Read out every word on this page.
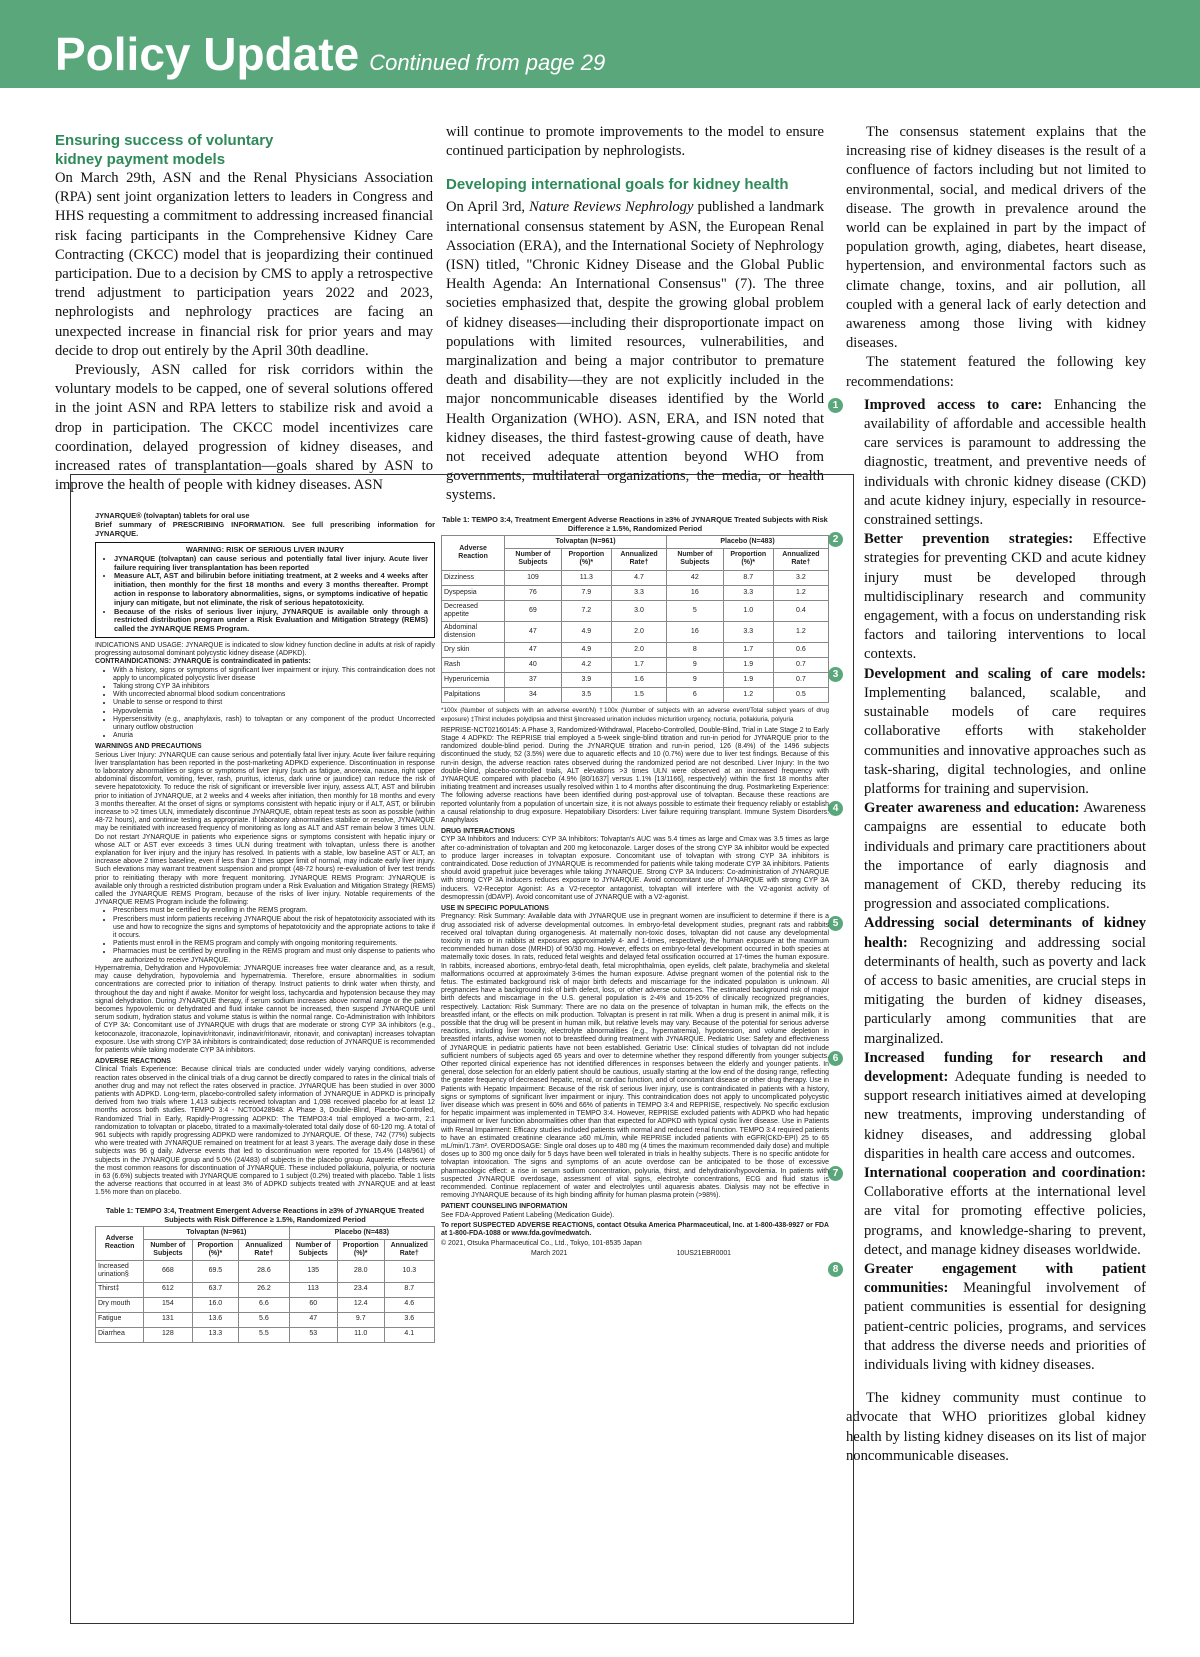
Policy Update Continued from page 29

Ensuring success of voluntary kidney payment models

On March 29th, ASN and the Renal Physicians Association (RPA) sent joint organization letters to leaders in Congress and HHS requesting a commitment to addressing increased financial risk facing participants in the Comprehensive Kidney Care Contracting (CKCC) model that is jeopardizing their continued participation. Due to a decision by CMS to apply a retrospective trend adjustment to participation years 2022 and 2023, nephrologists and nephrology practices are facing an unexpected increase in financial risk for prior years and may decide to drop out entirely by the April 30th deadline.

Previously, ASN called for risk corridors within the voluntary models to be capped, one of several solutions offered in the joint ASN and RPA letters to stabilize risk and avoid a drop in participation. The CKCC model incentivizes care coordination, delayed progression of kidney diseases, and increased rates of transplantation—goals shared by ASN to improve the health of people with kidney diseases. ASN

will continue to promote improvements to the model to ensure continued participation by nephrologists.

Developing international goals for kidney health

On April 3rd, Nature Reviews Nephrology published a landmark international consensus statement by ASN, the European Renal Association (ERA), and the International Society of Nephrology (ISN) titled, "Chronic Kidney Disease and the Global Public Health Agenda: An International Consensus" (7). The three societies emphasized that, despite the growing global problem of kidney diseases—including their disproportionate impact on populations with limited resources, vulnerabilities, and marginalization and being a major contributor to premature death and disability—they are not explicitly included in the major noncommunicable diseases identified by the World Health Organization (WHO). ASN, ERA, and ISN noted that kidney diseases, the third fastest-growing cause of death, have not received adequate attention beyond WHO from governments, multilateral organizations, the media, or health systems.

The consensus statement explains that the increasing rise of kidney diseases is the result of a confluence of factors including but not limited to environmental, social, and medical drivers of the disease. The growth in prevalence around the world can be explained in part by the impact of population growth, aging, diabetes, heart disease, hypertension, and environmental factors such as climate change, toxins, and air pollution, all coupled with a general lack of early detection and awareness among those living with kidney diseases.

The statement featured the following key recommendations:

1	Improved access to care: Enhancing the availability of affordable and accessible health care services is paramount to addressing the diagnostic, treatment, and preventive needs of individuals with chronic kidney disease (CKD) and acute kidney injury, especially in resource-constrained settings.

2	Better prevention strategies: Effective strategies for preventing CKD and acute kidney injury must be developed through multidisciplinary research and community engagement, with a focus on understanding risk factors and tailoring interventions to local contexts.

3	Development and scaling of care models: Implementing balanced, scalable, and sustainable models of care requires collaborative efforts with stakeholder communities and innovative approaches such as task-sharing, digital technologies, and online platforms for training and supervision.

4	Greater awareness and education: Awareness campaigns are essential to educate both individuals and primary care practitioners about the importance of early diagnosis and management of CKD, thereby reducing its progression and associated complications.

5	Addressing social determinants of kidney health: Recognizing and addressing social determinants of health, such as poverty and lack of access to basic amenities, are crucial steps in mitigating the burden of kidney diseases, particularly among communities that are marginalized.

6	Increased funding for research and development: Adequate funding is needed to support research initiatives aimed at developing new treatments, improving understanding of kidney diseases, and addressing global disparities in health care access and outcomes.

7	International cooperation and coordination: Collaborative efforts at the international level are vital for promoting effective policies, programs, and knowledge-sharing to prevent, detect, and manage kidney diseases worldwide.

8	Greater engagement with patient communities: Meaningful involvement of patient communities is essential for designing patient-centric policies, programs, and services that address the diverse needs and priorities of individuals living with kidney diseases.

The kidney community must continue to advocate that WHO prioritizes global kidney health by listing kidney diseases on its list of major noncommunicable diseases.

JYNARQUE® (tolvaptan) tablets for oral use
Brief summary of PRESCRIBING INFORMATION. See full prescribing information for JYNARQUE.
WARNING: RISK OF SERIOUS LIVER INJURY
• JYNARQUE (tolvaptan) can cause serious and potentially fatal liver injury. Acute liver failure requiring liver transplantation has been reported
• Measure ALT, AST and bilirubin before initiating treatment, at 2 weeks and 4 weeks after initiation, then monthly for the first 18 months and every 3 months thereafter. Prompt action in response to laboratory abnormalities, signs, or symptoms indicative of hepatic injury can mitigate, but not eliminate, the risk of serious hepatotoxicity.
• Because of the risks of serious liver injury, JYNARQUE is available only through a restricted distribution program under a Risk Evaluation and Mitigation Strategy (REMS) called the JYNARQUE REMS Program.
INDICATIONS AND USAGE: JYNARQUE is indicated to slow kidney function decline in adults at risk of rapidly progressing autosomal dominant polycystic kidney disease (ADPKD).
CONTRAINDICATIONS: JYNARQUE is contraindicated in patients:
• With a history, signs or symptoms of significant liver impairment or injury. This contraindication does not apply to uncomplicated polycystic liver disease
• Taking strong CYP 3A inhibitors
• With uncorrected abnormal blood sodium concentrations
• Unable to sense or respond to thirst
• Hypovolemia
• Hypersensitivity (e.g., anaphylaxis, rash) to tolvaptan or any component of the product Uncorrected urinary outflow obstruction
• Anuria
WARNINGS AND PRECAUTIONS
Serious Liver Injury: JYNARQUE can cause serious and potentially fatal liver injury. Acute liver failure requiring liver transplantation has been reported in the post-marketing ADPKD experience. Discontinuation in response to laboratory abnormalities or signs or symptoms of liver injury (such as fatigue, anorexia, nausea, right upper abdominal discomfort, vomiting, fever, rash, pruritus, icterus, dark urine or jaundice) can reduce the risk of severe hepatotoxicity. To reduce the risk of significant or irreversible liver injury, assess ALT, AST and bilirubin prior to initiation of JYNARQUE, at 2 weeks and 4 weeks after initiation, then monthly for 18 months and every 3 months thereafter. At the onset of signs or symptoms consistent with hepatic injury or if ALT, AST, or bilirubin increase to >2 times ULN, immediately discontinue JYNARQUE, obtain repeat tests as soon as possible (within 48-72 hours), and continue testing as appropriate. If laboratory abnormalities stabilize or resolve, JYNARQUE may be reinitiated with increased frequency of monitoring as long as ALT and AST remain below 3 times ULN. Do not restart JYNARQUE in patients who experience signs or symptoms consistent with hepatic injury or whose ALT or AST ever exceeds 3 times ULN during treatment with tolvaptan, unless there is another explanation for liver injury and the injury has resolved. In patients with a stable, low baseline AST or ALT, an increase above 2 times baseline, even if less than 2 times upper limit of normal, may indicate early liver injury. Such elevations may warrant treatment suspension and prompt (48-72 hours) re-evaluation of liver test trends prior to reinitiating therapy with more frequent monitoring. JYNARQUE REMS Program: JYNARQUE is available only through a restricted distribution program under a Risk Evaluation and Mitigation Strategy (REMS) called the JYNARQUE REMS Program, because of the risks of liver injury. Notable requirements of the JYNARQUE REMS Program include the following:
• Prescribers must be certified by enrolling in the REMS program.
• Prescribers must inform patients receiving JYNARQUE about the risk of hepatotoxicity associated with its use and how to recognize the signs and symptoms of hepatotoxicity and the appropriate actions to take if it occurs.
• Patients must enroll in the REMS program and comply with ongoing monitoring requirements.
• Pharmacies must be certified by enrolling in the REMS program and must only dispense to patients who are authorized to receive JYNARQUE.
Hypernatremia, Dehydration and Hypovolemia: JYNARQUE increases free water clearance and, as a result, may cause dehydration, hypovolemia and hypernatremia. Therefore, ensure abnormalities in sodium concentrations are corrected prior to initiation of therapy. Instruct patients to drink water when thirsty, and throughout the day and night if awake. Monitor for weight loss, tachycardia and hypotension because they may signal dehydration. During JYNARQUE therapy, if serum sodium increases above normal range or the patient becomes hypovolemic or dehydrated and fluid intake cannot be increased, then suspend JYNARQUE until serum sodium, hydration status and volume status is within the normal range. Co-Administration with Inhibitors of CYP 3A: Concomitant use of JYNARQUE with drugs that are moderate or strong CYP 3A inhibitors (e.g., ketoconazole, itraconazole, lopinavir/ritonavir, indinavir/ritonavir, ritonavir, and conivaptan) increases tolvaptan exposure. Use with strong CYP 3A inhibitors is contraindicated; dose reduction of JYNARQUE is recommended for patients while taking moderate CYP 3A inhibitors.
ADVERSE REACTIONS
Clinical Trials Experience: Because clinical trials are conducted under widely varying conditions, adverse reaction rates observed in the clinical trials of a drug cannot be directly compared to rates in the clinical trials of another drug and may not reflect the rates observed in practice. JYNARQUE has been studied in over 3000 patients with ADPKD. Long-term, placebo-controlled safety information of JYNARQUE in ADPKD is principally derived from two trials where 1,413 subjects received tolvaptan and 1,098 received placebo for at least 12 months across both studies. TEMPO 3:4 - NCT00428948: A Phase 3, Double-Blind, Placebo-Controlled, Randomized Trial in Early, Rapidly-Progressing ADPKD: The TEMPO3:4 trial employed a two-arm, 2:1 randomization to tolvaptan or placebo, titrated to a maximally-tolerated total daily dose of 60-120 mg. A total of 961 subjects with rapidly progressing ADPKD were randomized to JYNARQUE. Of these, 742 (77%) subjects who were treated with JYNARQUE remained on treatment for at least 3 years. The average daily dose in these subjects was 96 g daily. Adverse events that led to discontinuation were reported for 15.4% (148/961) of subjects in the JYNARQUE group and 5.0% (24/483) of subjects in the placebo group. Aquaretic effects were the most common reasons for discontinuation of JYNARQUE. These included pollakiuria, polyuria, or nocturia in 63 (6.6%) subjects treated with JYNARQUE compared to 1 subject (0.2%) treated with placebo. Table 1 lists the adverse reactions that occurred in at least 3% of ADPKD subjects treated with JYNARQUE and at least 1.5% more than on placebo.
Table 1: TEMPO 3:4, Treatment Emergent Adverse Reactions in ≥3% of JYNARQUE Treated Subjects with Risk Difference ≥ 1.5%, Randomized Period
Adverse Reaction	Tolvaptan (N=961)			Placebo (N=483)		
	Number of Subjects	Proportion (%)*	Annualized Rate†	Number of Subjects	Proportion (%)*	Annualized Rate†
Increased urination§	668	69.5	28.6	135	28.0	10.3
Thirst‡	612	63.7	26.2	113	23.4	8.7
Dry mouth	154	16.0	6.6	60	12.4	4.6
Fatigue	131	13.6	5.6	47	9.7	3.6
Diarrhea	128	13.3	5.5	53	11.0	4.1
Table 1: TEMPO 3:4, Treatment Emergent Adverse Reactions in ≥3% of JYNARQUE Treated Subjects with Risk Difference ≥ 1.5%, Randomized Period
Adverse Reaction	Tolvaptan (N=961)			Placebo (N=483)		
	Number of Subjects	Proportion (%)*	Annualized Rate†	Number of Subjects	Proportion (%)*	Annualized Rate†
Dizziness	109	11.3	4.7	42	8.7	3.2
Dyspepsia	76	7.9	3.3	16	3.3	1.2
Decreased appetite	69	7.2	3.0	5	1.0	0.4
Abdominal distension	47	4.9	2.0	16	3.3	1.2
Dry skin	47	4.9	2.0	8	1.7	0.6
Rash	40	4.2	1.7	9	1.9	0.7
Hyperuricemia	37	3.9	1.6	9	1.9	0.7
Palpitations	34	3.5	1.5	6	1.2	0.5
*100x (Number of subjects with an adverse event/N) †100x (Number of subjects with an adverse event/Total subject years of drug exposure) ‡Thirst includes polydipsia and thirst §Increased urination includes micturition urgency, nocturia, pollakiuria, polyuria
REPRISE-NCT02160145: A Phase 3, Randomized-Withdrawal, Placebo-Controlled, Double-Blind, Trial in Late Stage 2 to Early Stage 4 ADPKD: The REPRISE trial employed a 5-week single-blind titration and run-in period for JYNARQUE prior to the randomized double-blind period. During the JYNARQUE titration and run-in period, 126 (8.4%) of the 1496 subjects discontinued the study, 52 (3.5%) were due to aquaretic effects and 10 (0.7%) were due to liver test findings. Because of this run-in design, the adverse reaction rates observed during the randomized period are not described. Liver Injury: In the two double-blind, placebo-controlled trials, ALT elevations >3 times ULN were observed at an increased frequency with JYNARQUE compared with placebo (4.9% [80/1637] versus 1.1% [13/1166], respectively) within the first 18 months after initiating treatment and increases usually resolved within 1 to 4 months after discontinuing the drug. Postmarketing Experience: The following adverse reactions have been identified during post-approval use of tolvaptan. Because these reactions are reported voluntarily from a population of uncertain size, it is not always possible to estimate their frequency reliably or establish a causal relationship to drug exposure. Hepatobiliary Disorders: Liver failure requiring transplant. Immune System Disorders: Anaphylaxis
DRUG INTERACTIONS
CYP 3A Inhibitors and Inducers: CYP 3A Inhibitors: Tolvaptan's AUC was 5.4 times as large and Cmax was 3.5 times as large after co-administration of tolvaptan and 200 mg ketoconazole. Larger doses of the strong CYP 3A inhibitor would be expected to produce larger increases in tolvaptan exposure. Concomitant use of tolvaptan with strong CYP 3A inhibitors is contraindicated. Dose reduction of JYNARQUE is recommended for patients while taking moderate CYP 3A inhibitors. Patients should avoid grapefruit juice beverages while taking JYNARQUE. Strong CYP 3A Inducers: Co-administration of JYNARQUE with strong CYP 3A inducers reduces exposure to JYNARQUE. Avoid concomitant use of JYNARQUE with strong CYP 3A inducers. V2-Receptor Agonist: As a V2-receptor antagonist, tolvaptan will interfere with the V2-agonist activity of desmopressin (dDAVP). Avoid concomitant use of JYNARQUE with a V2-agonist.
USE IN SPECIFIC POPULATIONS
Pregnancy: Risk Summary: Available data with JYNARQUE use in pregnant women are insufficient to determine if there is a drug associated risk of adverse developmental outcomes. In embryo-fetal development studies, pregnant rats and rabbits received oral tolvaptan during organogenesis. At maternally non-toxic doses, tolvaptan did not cause any developmental toxicity in rats or in rabbits at exposures approximately 4- and 1-times, respectively, the human exposure at the maximum recommended human dose (MRHD) of 90/30 mg. However, effects on embryo-fetal development occurred in both species at maternally toxic doses. In rats, reduced fetal weights and delayed fetal ossification occurred at 17-times the human exposure. In rabbits, increased abortions, embryo-fetal death, fetal microphthalmia, open eyelids, cleft palate, brachymelia and skeletal malformations occurred at approximately 3-times the human exposure. Advise pregnant women of the potential risk to the fetus. The estimated background risk of major birth defects and miscarriage for the indicated population is unknown. All pregnancies have a background risk of birth defect, loss, or other adverse outcomes. The estimated background risk of major birth defects and miscarriage in the U.S. general population is 2-4% and 15-20% of clinically recognized pregnancies, respectively. Lactation: Risk Summary: There are no data on the presence of tolvaptan in human milk, the effects on the breastfed infant, or the effects on milk production. Tolvaptan is present in rat milk. When a drug is present in animal milk, it is possible that the drug will be present in human milk, but relative levels may vary. Because of the potential for serious adverse reactions, including liver toxicity, electrolyte abnormalities (e.g., hypernatremia), hypotension, and volume depletion in breastfed infants, advise women not to breastfeed during treatment with JYNARQUE. Pediatric Use: Safety and effectiveness of JYNARQUE in pediatric patients have not been established. Geriatric Use: Clinical studies of tolvaptan did not include sufficient numbers of subjects aged 65 years and over to determine whether they respond differently from younger subjects. Other reported clinical experience has not identified differences in responses between the elderly and younger patients. In general, dose selection for an elderly patient should be cautious, usually starting at the low end of the dosing range, reflecting the greater frequency of decreased hepatic, renal, or cardiac function, and of concomitant disease or other drug therapy. Use in Patients with Hepatic Impairment: Because of the risk of serious liver injury, use is contraindicated in patients with a history, signs or symptoms of significant liver impairment or injury. This contraindication does not apply to uncomplicated polycystic liver disease which was present in 60% and 66% of patients in TEMPO 3:4 and REPRISE, respectively. No specific exclusion for hepatic impairment was implemented in TEMPO 3:4. However, REPRISE excluded patients with ADPKD who had hepatic impairment or liver function abnormalities other than that expected for ADPKD with typical cystic liver disease. Use in Patients with Renal Impairment: Efficacy studies included patients with normal and reduced renal function. TEMPO 3:4 required patients to have an estimated creatinine clearance ≥60 mL/min, while REPRISE included patients with eGFR(CKD-EPI) 25 to 65 mL/min/1.73m². OVERDOSAGE: Single oral doses up to 480 mg (4 times the maximum recommended daily dose) and multiple doses up to 300 mg once daily for 5 days have been well tolerated in trials in healthy subjects. There is no specific antidote for tolvaptan intoxication. The signs and symptoms of an acute overdose can be anticipated to be those of excessive pharmacologic effect: a rise in serum sodium concentration, polyuria, thirst, and dehydration/hypovolemia. In patients with suspected JYNARQUE overdosage, assessment of vital signs, electrolyte concentrations, ECG and fluid status is recommended. Continue replacement of water and electrolytes until aquaresis abates. Dialysis may not be effective in removing JYNARQUE because of its high binding affinity for human plasma protein (>98%).
PATIENT COUNSELING INFORMATION
See FDA-Approved Patient Labeling (Medication Guide).
To report SUSPECTED ADVERSE REACTIONS, contact Otsuka America Pharmaceutical, Inc. at 1-800-438-9927 or FDA at 1-800-FDA-1088 or www.fda.gov/medwatch.
© 2021, Otsuka Pharmaceutical Co., Ltd., Tokyo, 101-8535 Japan
March 2021	10US21EBR0001
